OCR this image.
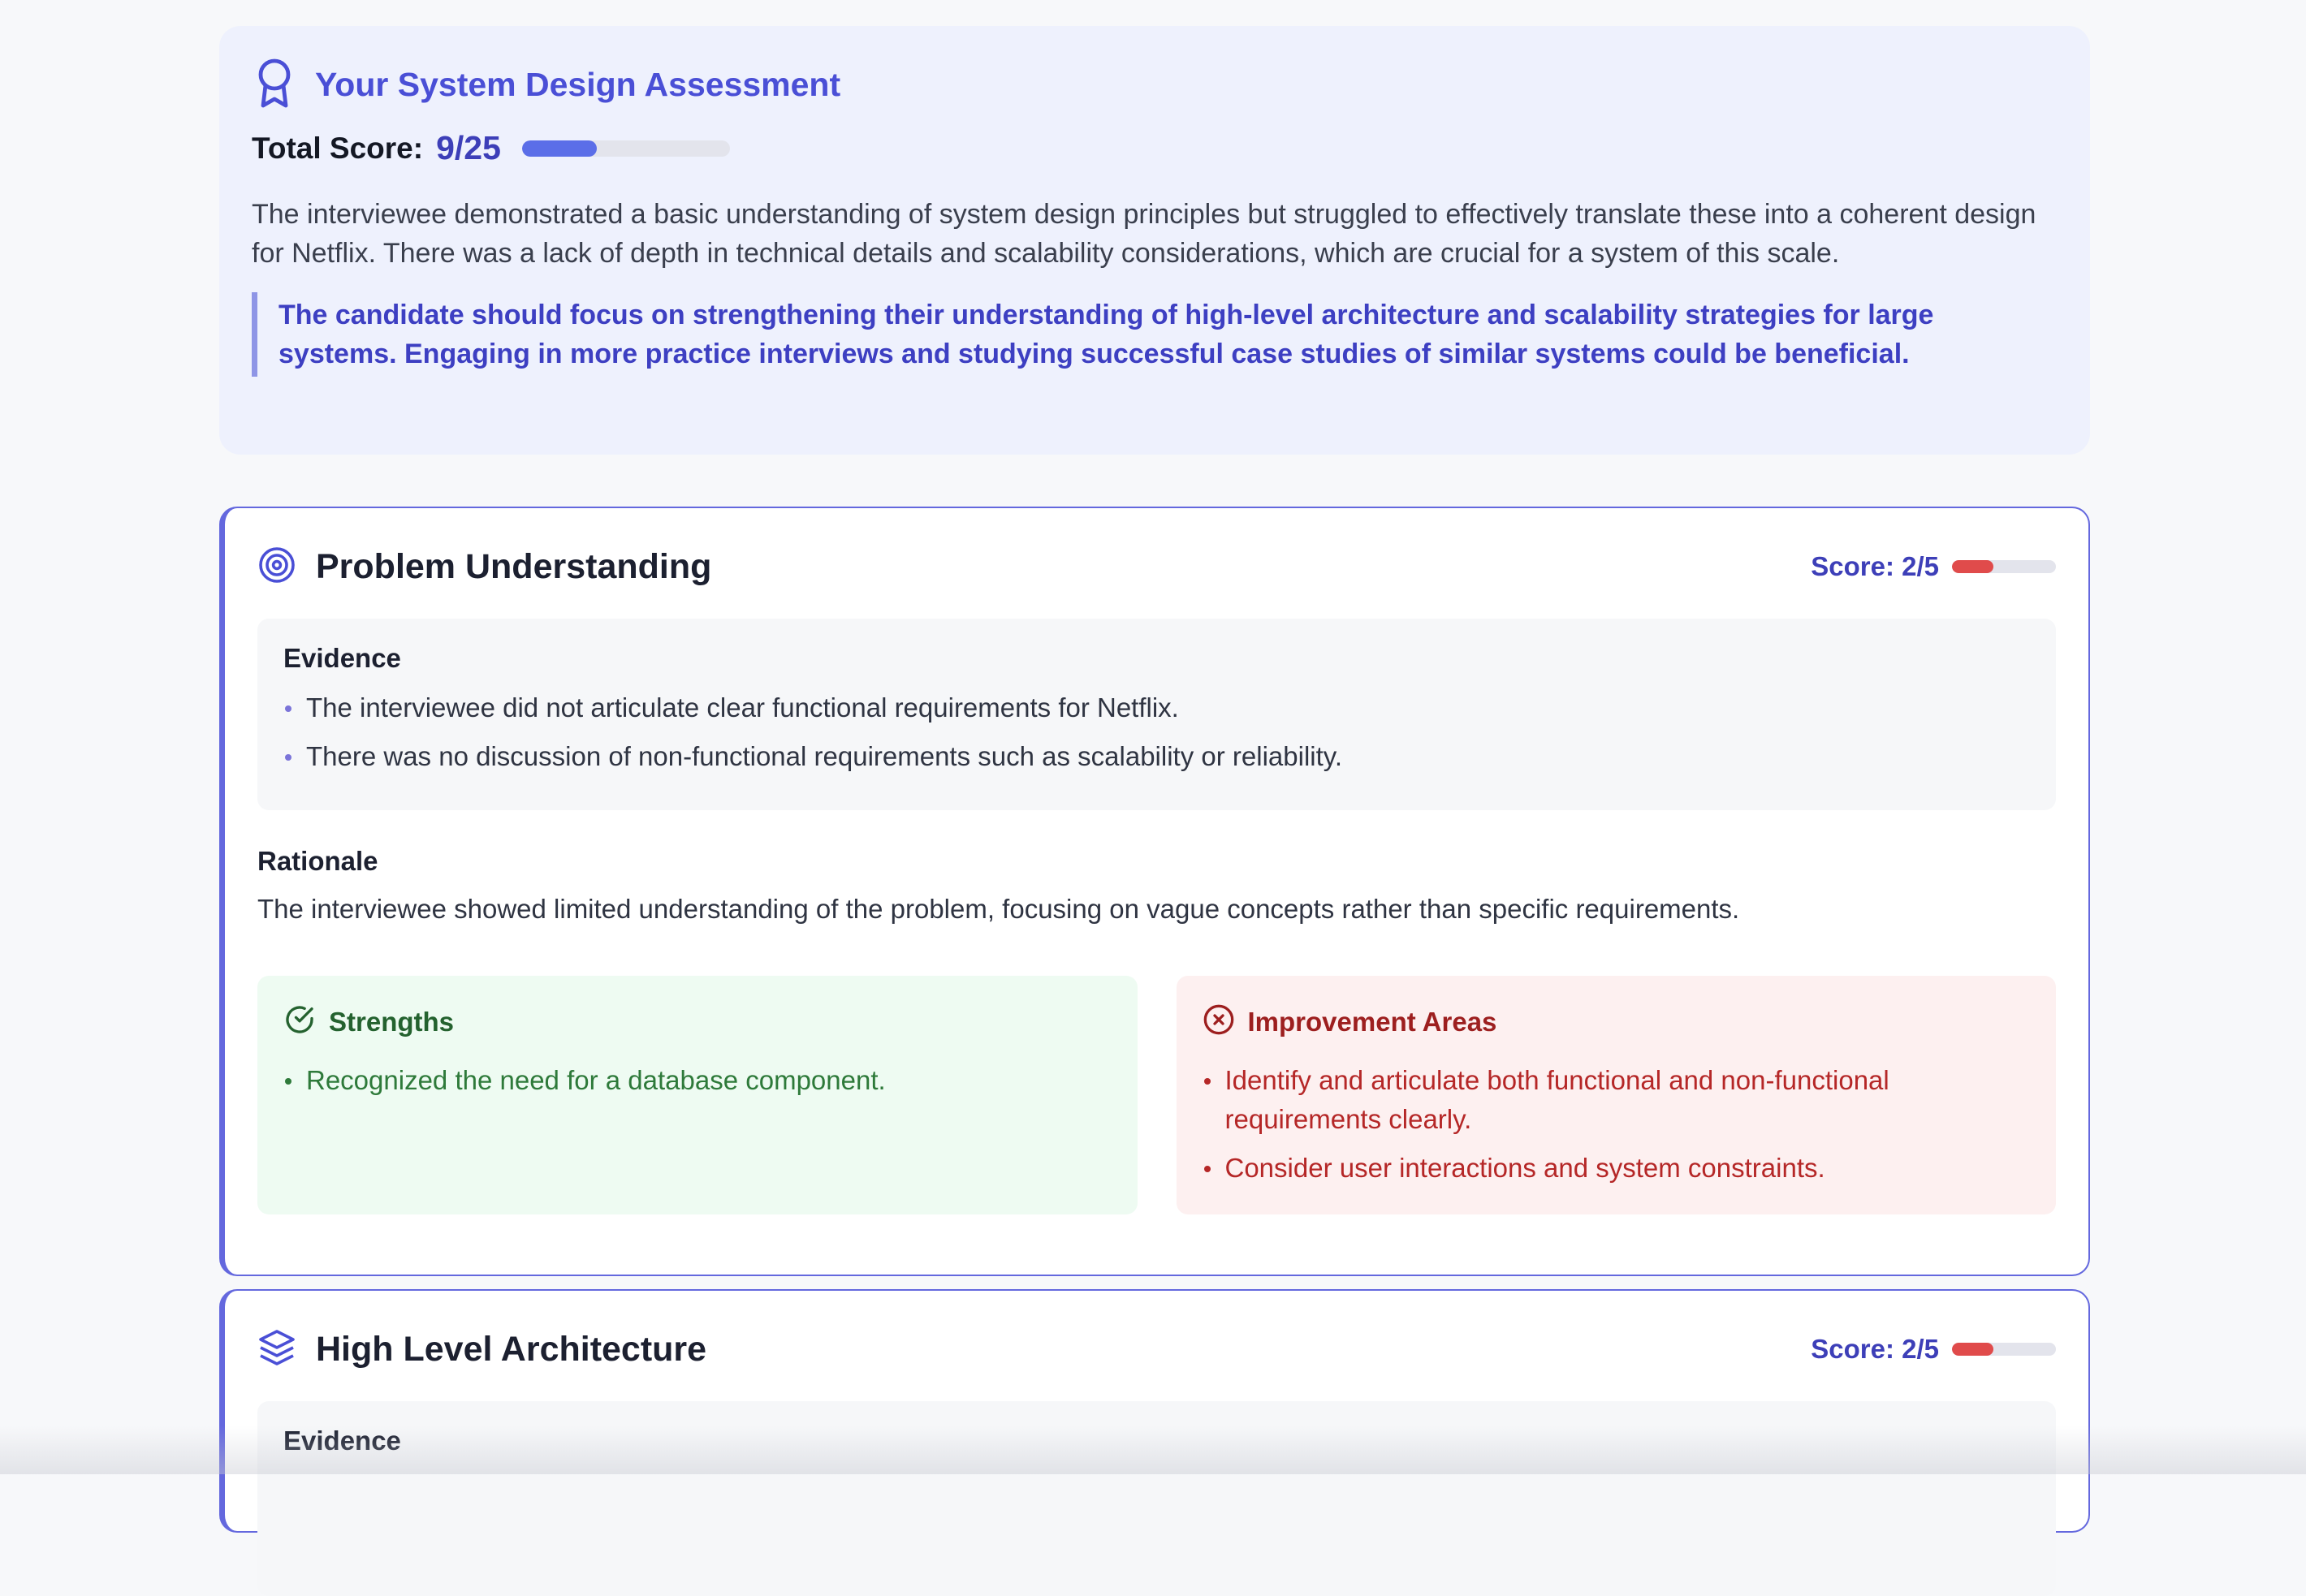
Your System Design Assessment
Total Score: 9/25
The interviewee demonstrated a basic understanding of system design principles but struggled to effectively translate these into a coherent design for Netflix. There was a lack of depth in technical details and scalability considerations, which are crucial for a system of this scale.
The candidate should focus on strengthening their understanding of high-level architecture and scalability strategies for large systems. Engaging in more practice interviews and studying successful case studies of similar systems could be beneficial.
Problem Understanding	Score: 2/5
Evidence
The interviewee did not articulate clear functional requirements for Netflix.
There was no discussion of non-functional requirements such as scalability or reliability.
Rationale
The interviewee showed limited understanding of the problem, focusing on vague concepts rather than specific requirements.
Strengths
Recognized the need for a database component.
Improvement Areas
Identify and articulate both functional and non-functional requirements clearly.
Consider user interactions and system constraints.
High Level Architecture	Score: 2/5
Evidence
